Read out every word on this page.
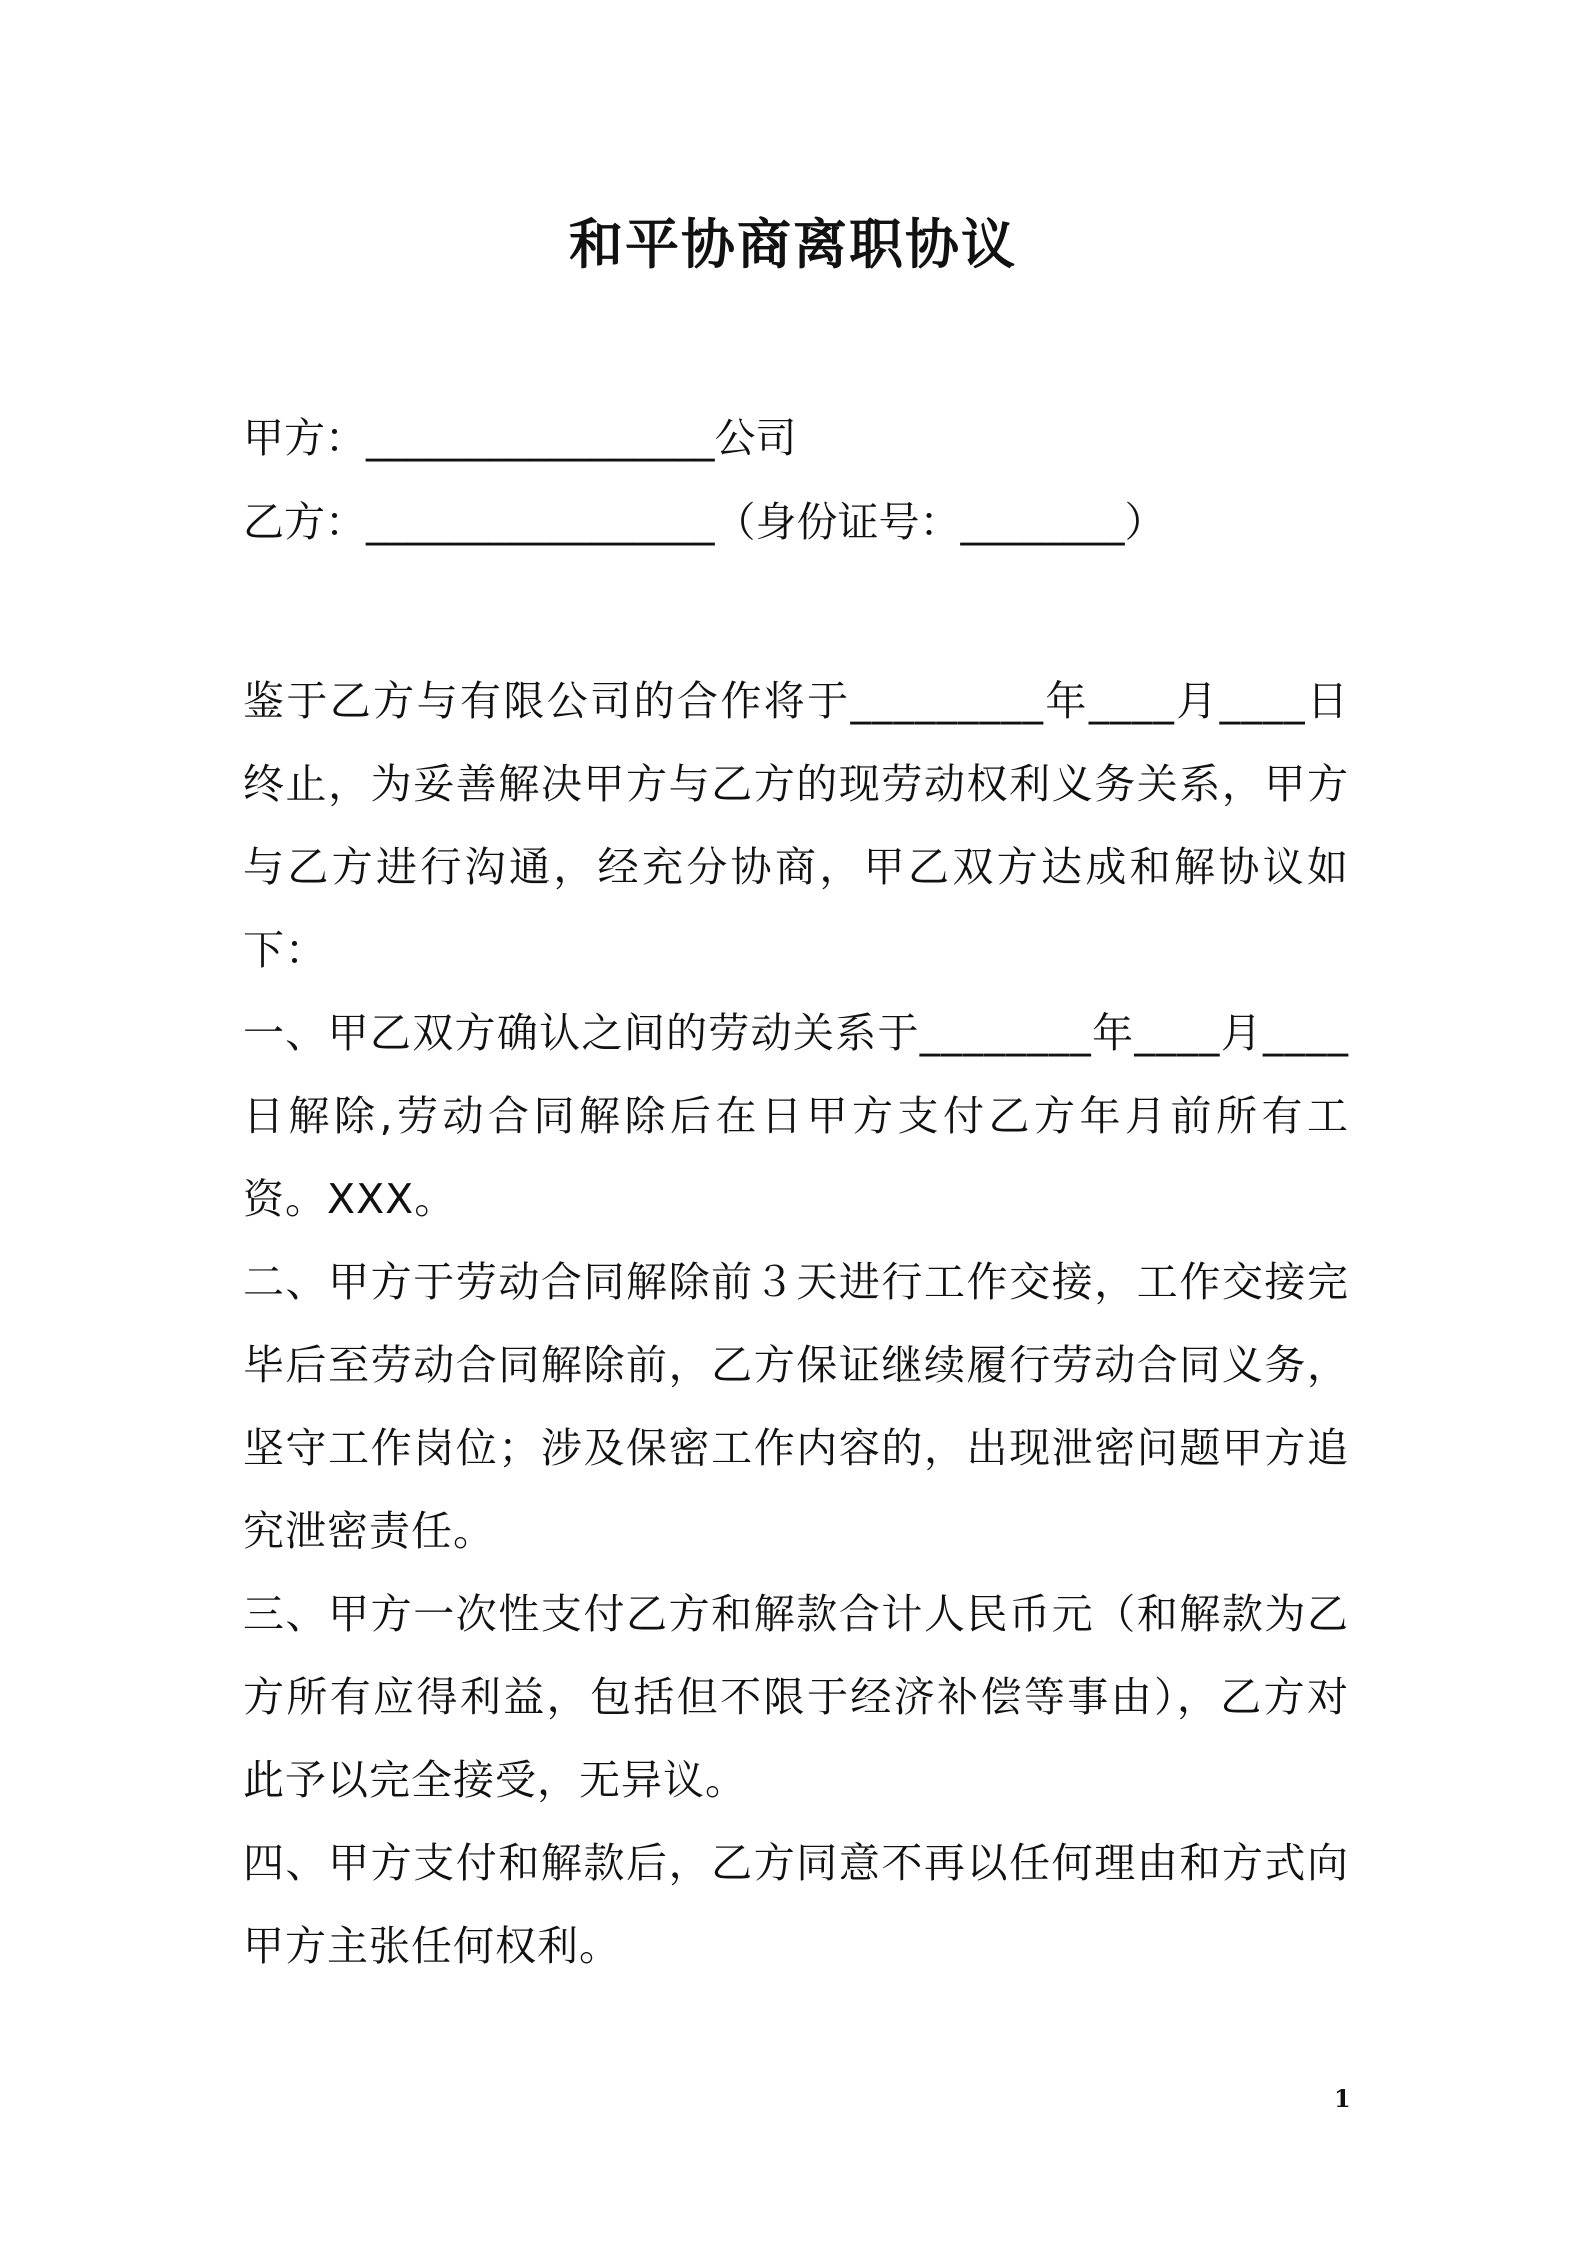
和平协商离职协议
甲方：_________________公司
乙方：_________________（身份证号：________）

鉴于乙方与有限公司的合作将于_________年____月____日终止，为妥善解决甲方与乙方的现劳动权利义务关系，甲方与乙方进行沟通，经充分协商，甲乙双方达成和解协议如下：

一、甲乙双方确认之间的劳动关系于________年____月____日解除,劳动合同解除后在日甲方支付乙方年月前所有工资。XXX。

二、甲方于劳动合同解除前３天进行工作交接，工作交接完毕后至劳动合同解除前，乙方保证继续履行劳动合同义务，坚守工作岗位；涉及保密工作内容的，出现泄密问题甲方追究泄密责任。

三、甲方一次性支付乙方和解款合计人民币元（和解款为乙方所有应得利益，包括但不限于经济补偿等事由），乙方对此予以完全接受，无异议。

四、甲方支付和解款后，乙方同意不再以任何理由和方式向甲方主张任何权利。

1
